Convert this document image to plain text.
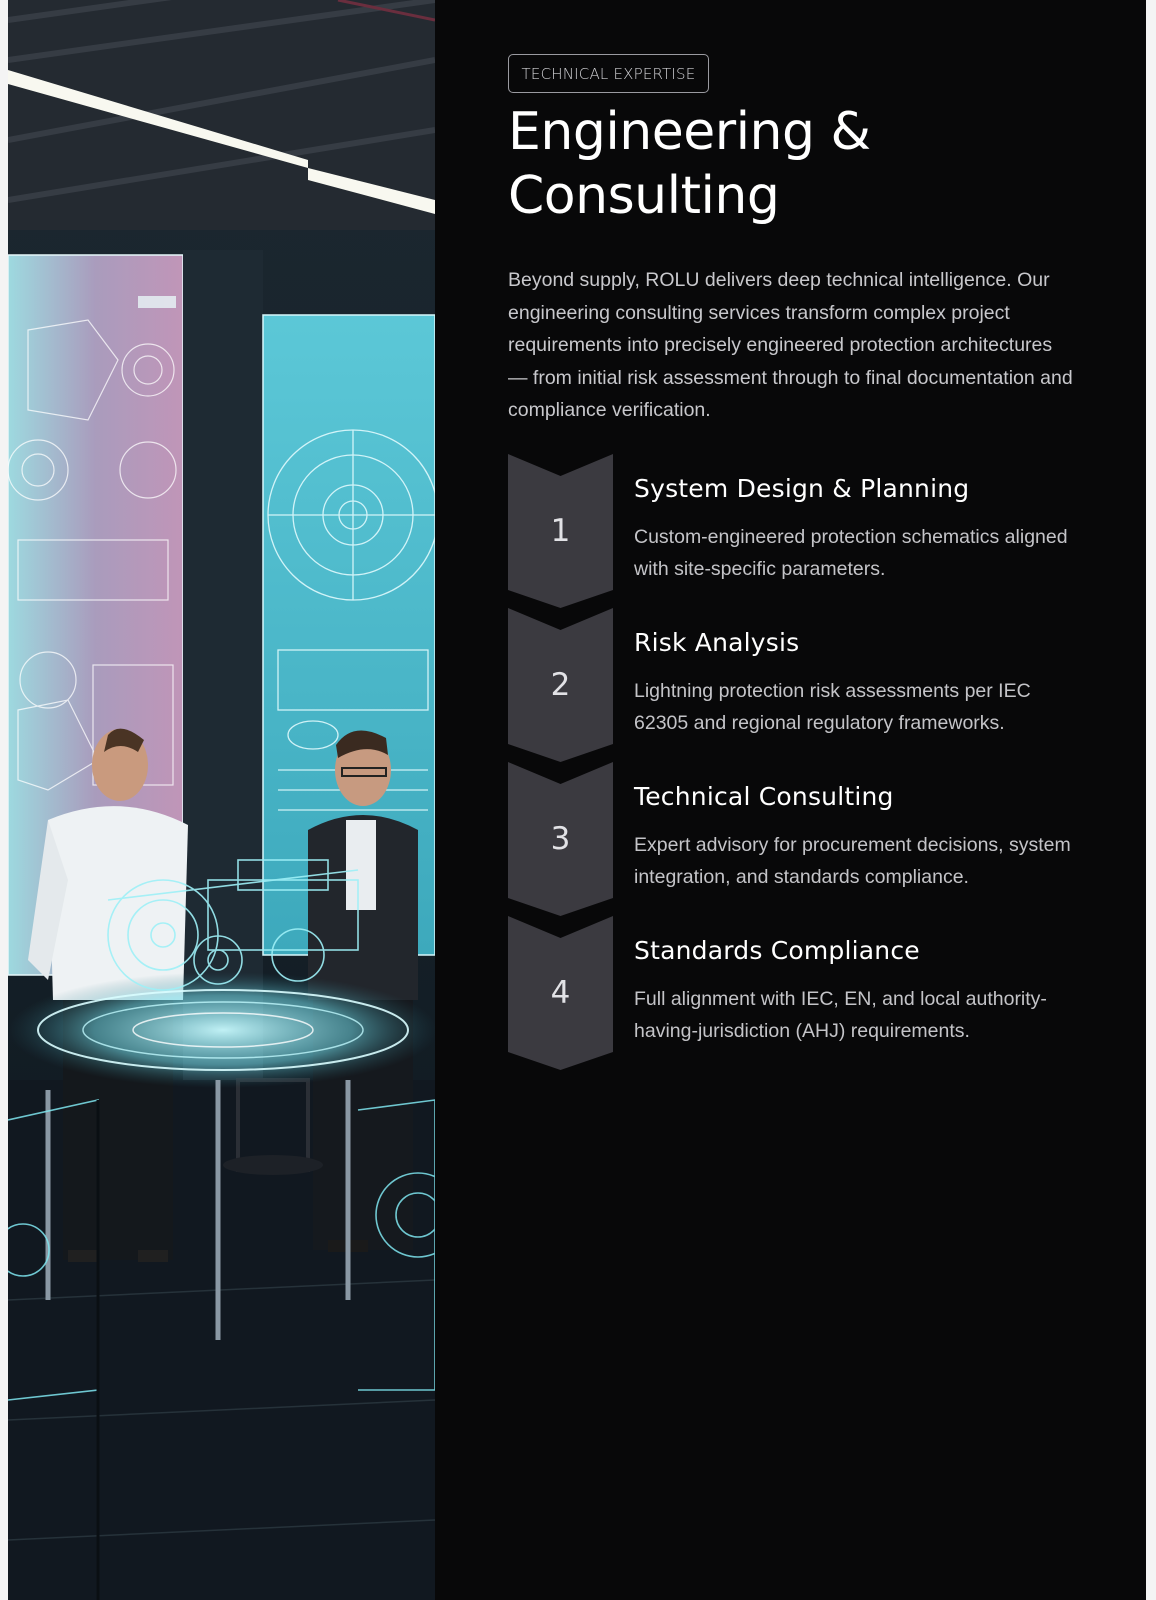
TECHNICAL EXPERTISE
Engineering &
Consulting

Beyond supply, ROLU delivers deep technical intelligence. Our engineering consulting services transform complex project requirements into precisely engineered protection architectures — from initial risk assessment through to final documentation and compliance verification.

1
System Design & Planning

Custom-engineered protection schematics aligned with site-specific parameters.

2
Risk Analysis

Lightning protection risk assessments per IEC 62305 and regional regulatory frameworks.

3
Technical Consulting

Expert advisory for procurement decisions, system integration, and standards compliance.

4
Standards Compliance

Full alignment with IEC, EN, and local authority-having-jurisdiction (AHJ) requirements.
